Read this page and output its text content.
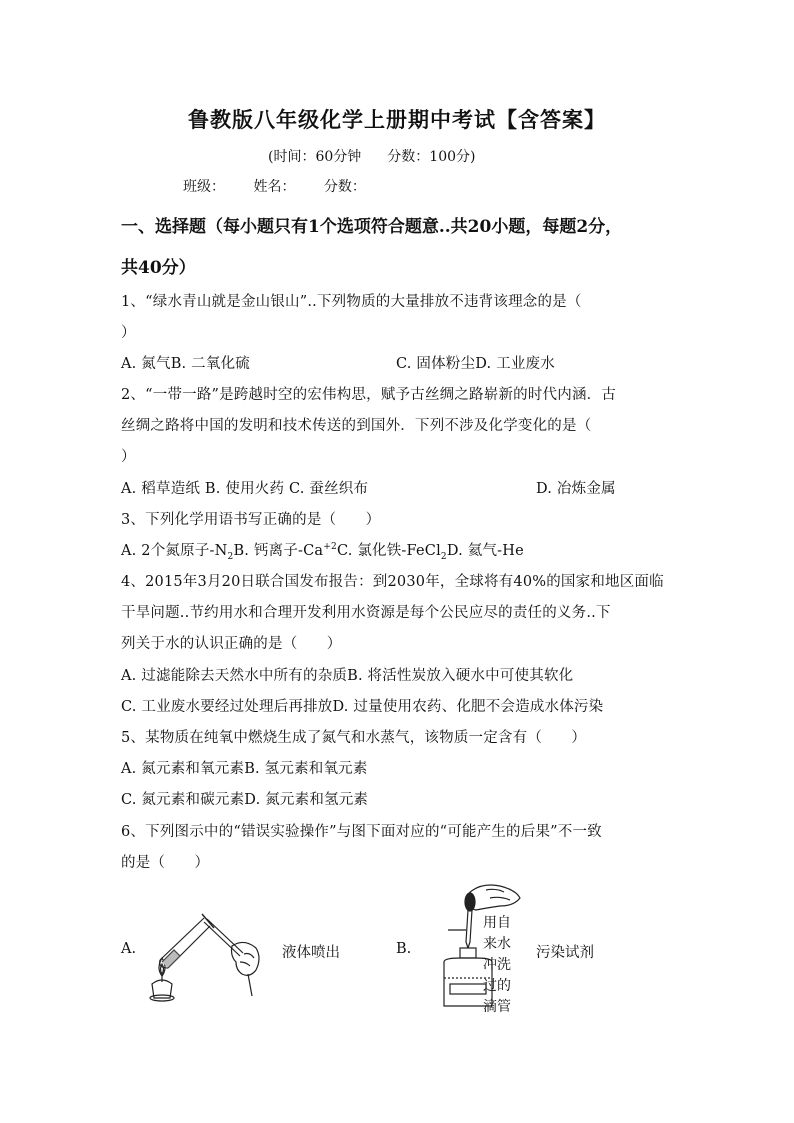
鲁教版八年级化学上册期中考试【含答案】
(时间：60分钟 分数：100分)
班级： 姓名： 分数：
一、选择题（每小题只有1个选项符合题意..共20小题，每题2分，
共40分）
1、“绿水青山就是金山银山”..下列物质的大量排放不违背该理念的是（
）
A. 氮气B. 二氧化硫	C. 固体粉尘D. 工业废水
2、“一带一路”是跨越时空的宏伟构思，赋予古丝绸之路崭新的时代内涵．古
丝绸之路将中国的发明和技术传送的到国外．下列不涉及化学变化的是（
）
A. 稻草造纸 B. 使用火药 C. 蚕丝织布	D. 冶炼金属
3、下列化学用语书写正确的是（　　）
A. 2个氮原子$-N_2B$. 钙离子$-Ca^{+2}C$. 氯化铁-FeCl$_2$D. 氦气-He
4、2015年3月20日联合国发布报告：到2030年，全球将有40%的国家和地区面临
干旱问题..节约用水和合理开发利用水资源是每个公民应尽的责任的义务..下
列关于水的认识正确的是（　　）
A. 过滤能除去天然水中所有的杂质B. 将活性炭放入硬水中可使其软化
C. 工业废水要经过处理后再排放D. 过量使用农药、化肥不会造成水体污染
5、某物质在纯氧中燃烧生成了氮气和水蒸气，该物质一定含有（　　）
A. 氮元素和氧元素B. 氢元素和氧元素
C. 氮元素和碳元素D. 氮元素和氢元素
6、下列图示中的“错误实验操作”与图下面对应的“可能产生的后果”不一致
的是（　　）
A.	液体喷出	B.
用自
来水
冲洗
过的
滴管
污染试剂
